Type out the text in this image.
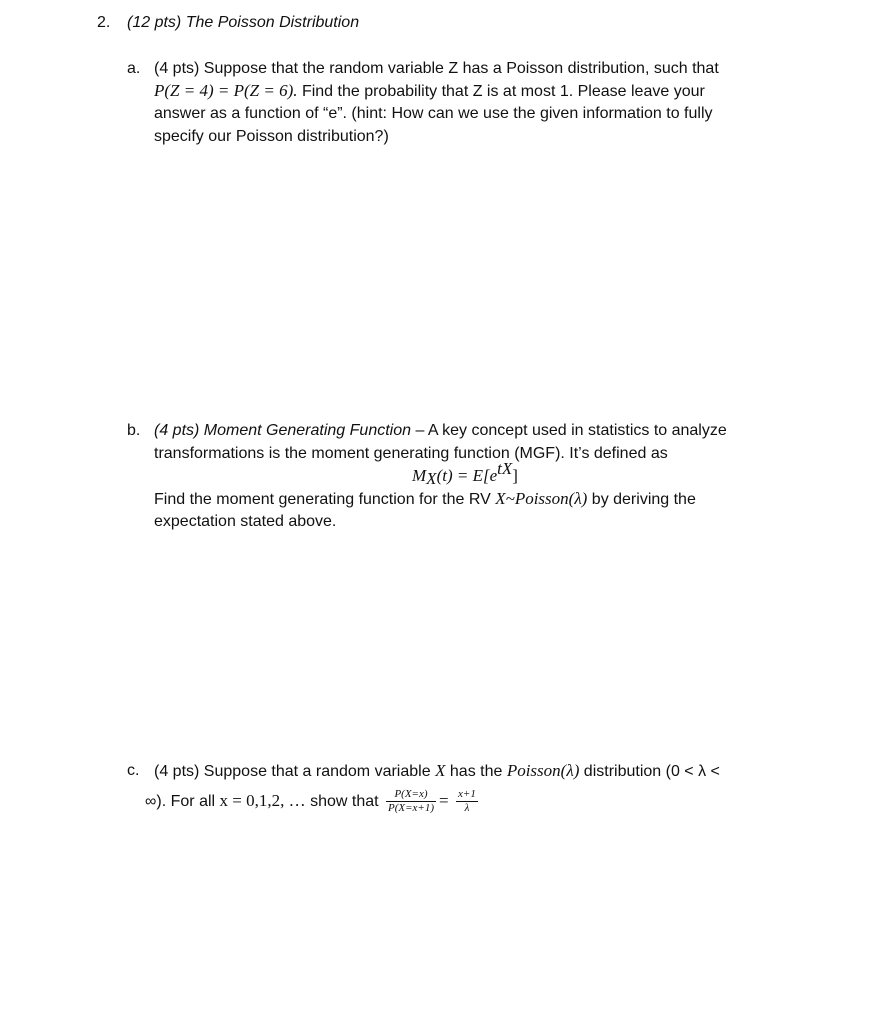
2. (12 pts) The Poisson Distribution
a. (4 pts) Suppose that the random variable Z has a Poisson distribution, such that
P(Z = 4) = P(Z = 6). Find the probability that Z is at most 1. Please leave your
answer as a function of “e”. (hint: How can we use the given information to fully
specify our Poisson distribution?)
b. (4 pts) Moment Generating Function – A key concept used in statistics to analyze
transformations is the moment generating function (MGF). It’s defined as
$M_X(t) = E[e^{tX}]$
Find the moment generating function for the RV X~Poisson(λ) by deriving the
expectation stated above.
c. (4 pts) Suppose that a random variable X has the Poisson(λ) distribution (0 < λ <
∞). For all x = 0,1,2, … show that $\frac{P(X=x)}{P(X=x+1)} = \frac{x+1}{\lambda}$
